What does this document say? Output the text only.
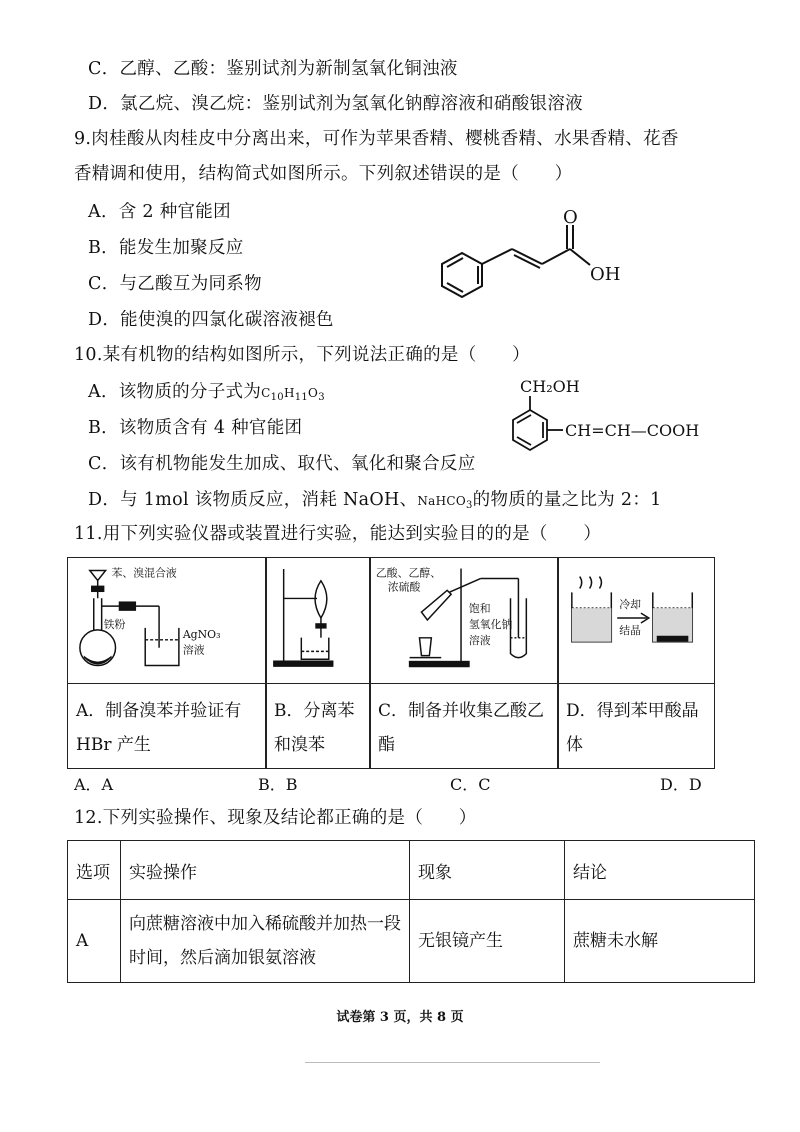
C．乙醇、乙酸：鉴别试剂为新制氢氧化铜浊液
D．氯乙烷、溴乙烷：鉴别试剂为氢氧化钠醇溶液和硝酸银溶液
9.肉桂酸从肉桂皮中分离出来，可作为苹果香精、樱桃香精、水果香精、花香
香精调和使用，结构简式如图所示。下列叙述错误的是（　　）
A．含 2 种官能团
B．能发生加聚反应
C．与乙酸互为同系物
D．能使溴的四氯化碳溶液褪色
O
OH
10.某有机物的结构如图所示，下列说法正确的是（　　）
A．该物质的分子式为$C_{10}H_{11}O_3$
B．该物质含有 4 种官能团
C．该有机物能发生加成、取代、氧化和聚合反应
D．与 1mol 该物质反应，消耗 NaOH、NaHCO$_3$的物质的量之比为 2：1
CH₂OH
CH=CH—COOH
11.用下列实验仪器或装置进行实验，能达到实验目的的是（　　）
苯、溴混合液
铁粉
AgNO₃
溶液
A．制备溴苯并验证有 HBr 产生
B．分离苯和溴苯
乙酸、乙醇、
浓硫酸
饱和
氢氧化钠
溶液
C．制备并收集乙酸乙酯
冷却
结晶
D．得到苯甲酸晶体
A．A	B．B	C．C	D．D
12.下列实验操作、现象及结论都正确的是（　　）
选项	实验操作	现象	结论
A	向蔗糖溶液中加入稀硫酸并加热一段时间，然后滴加银氨溶液	无银镜产生	蔗糖未水解
试卷第 3 页，共 8 页
